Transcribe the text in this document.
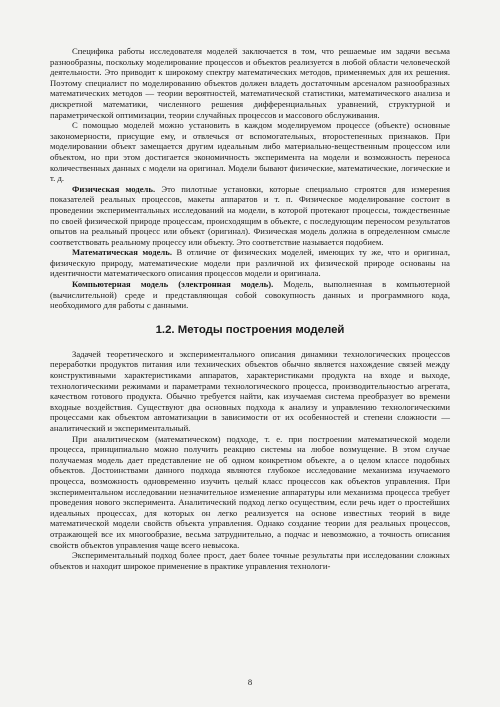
Специфика работы исследователя моделей заключается в том, что решаемые им задачи весьма разнообразны, поскольку моделирование процессов и объектов реализуется в любой области человеческой деятельности. Это приводит к широкому спектру математических методов, применяемых для их решения. Поэтому специалист по моделированию объектов должен владеть достаточным арсеналом разнообразных математических методов — теории вероятностей, математической статистики, математического анализа и дискретной математики, численного решения дифференциальных уравнений, структурной и параметрической оптимизации, теории случайных процессов и массового обслуживания.

С помощью моделей можно установить в каждом моделируемом процессе (объекте) основные закономерности, присущие ему, и отвлечься от вспомогательных, второстепенных признаков. При моделировании объект замещается другим идеальным либо материально-вещественным процессом или объектом, но при этом достигается экономичность эксперимента на модели и возможность переноса количественных данных с модели на оригинал. Модели бывают физические, математические, логические и т. д.

Физическая модель. Это пилотные установки, которые специально строятся для измерения показателей реальных процессов, макеты аппаратов и т. п. Физическое моделирование состоит в проведении экспериментальных исследований на модели, в которой протекают процессы, тождественные по своей физической природе процессам, происходящим в объекте, с последующим переносом результатов опытов на реальный процесс или объект (оригинал). Физическая модель должна в определенном смысле соответствовать реальному процессу или объекту. Это соответствие называется подобием.

Математическая модель. В отличие от физических моделей, имеющих ту же, что и оригинал, физическую природу, математические модели при различной их физической природе основаны на идентичности математического описания процессов модели и оригинала.

Компьютерная модель (электронная модель). Модель, выполненная в компьютерной (вычислительной) среде и представляющая собой совокупность данных и программного кода, необходимого для работы с данными.

1.2. Методы построения моделей

Задачей теоретического и экспериментального описания динамики технологических процессов переработки продуктов питания или технических объектов обычно является нахождение связей между конструктивными характеристиками аппаратов, характеристиками продукта на входе и выходе, технологическими режимами и параметрами технологического процесса, производительностью агрегата, качеством готового продукта. Обычно требуется найти, как изучаемая система преобразует во времени входные воздействия. Существуют два основных подхода к анализу и управлению технологическими процессами как объектом автоматизации в зависимости от их особенностей и степени сложности — аналитический и экспериментальный.

При аналитическом (математическом) подходе, т. е. при построении математической модели процесса, принципиально можно получить реакцию системы на любое возмущение. В этом случае получаемая модель дает представление не об одном конкретном объекте, а о целом классе подобных объектов. Достоинствами данного подхода являются глубокое исследование механизма изучаемого процесса, возможность одновременно изучить целый класс процессов как объектов управления. При экспериментальном исследовании незначительное изменение аппаратуры или механизма процесса требует проведения нового эксперимента. Аналитический подход легко осуществим, если речь идет о простейших идеальных процессах, для которых он легко реализуется на основе известных теорий в виде математической модели свойств объекта управления. Однако создание теории для реальных процессов, отражающей все их многообразие, весьма затруднительно, а подчас и невозможно, а точность описания свойств объектов управления чаще всего невысока.

Экспериментальный подход более прост, дает более точные результаты при исследовании сложных объектов и находит широкое применение в практике управления технологи-

8
